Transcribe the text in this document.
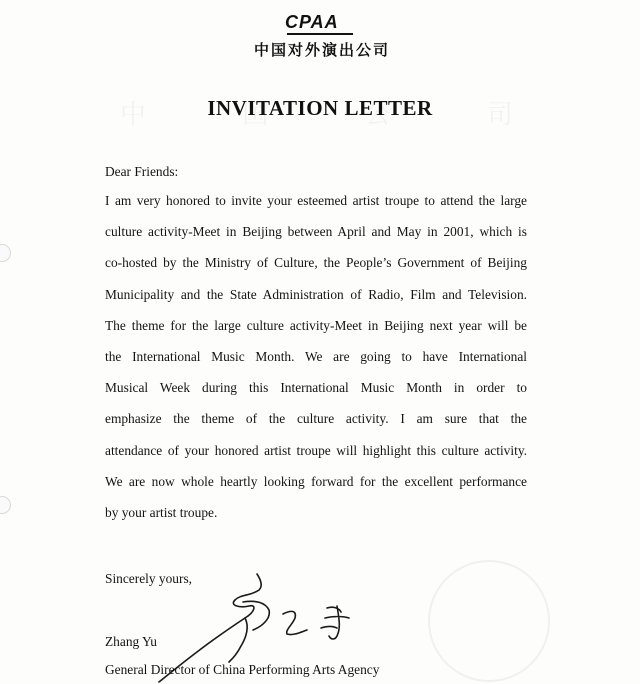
CPAA
中国对外演出公司
INVITATION LETTER
Dear Friends:
I am very honored to invite your esteemed artist troupe to attend the large
culture activity-Meet in Beijing between April and May in 2001, which is
co-hosted by the Ministry of Culture, the People’s Government of Beijing
Municipality and the State Administration of Radio, Film and Television.
The theme for the large culture activity-Meet in Beijing next year will be
the International Music Month. We are going to have International
Musical Week during this International Music Month in order to
emphasize the theme of the culture activity. I am sure that the
attendance of your honored artist troupe will highlight this culture activity.
We are now whole heartly looking forward for the excellent performance
by your artist troupe.
Sincerely yours,
Zhang Yu
General Director of China Performing Arts Agency
